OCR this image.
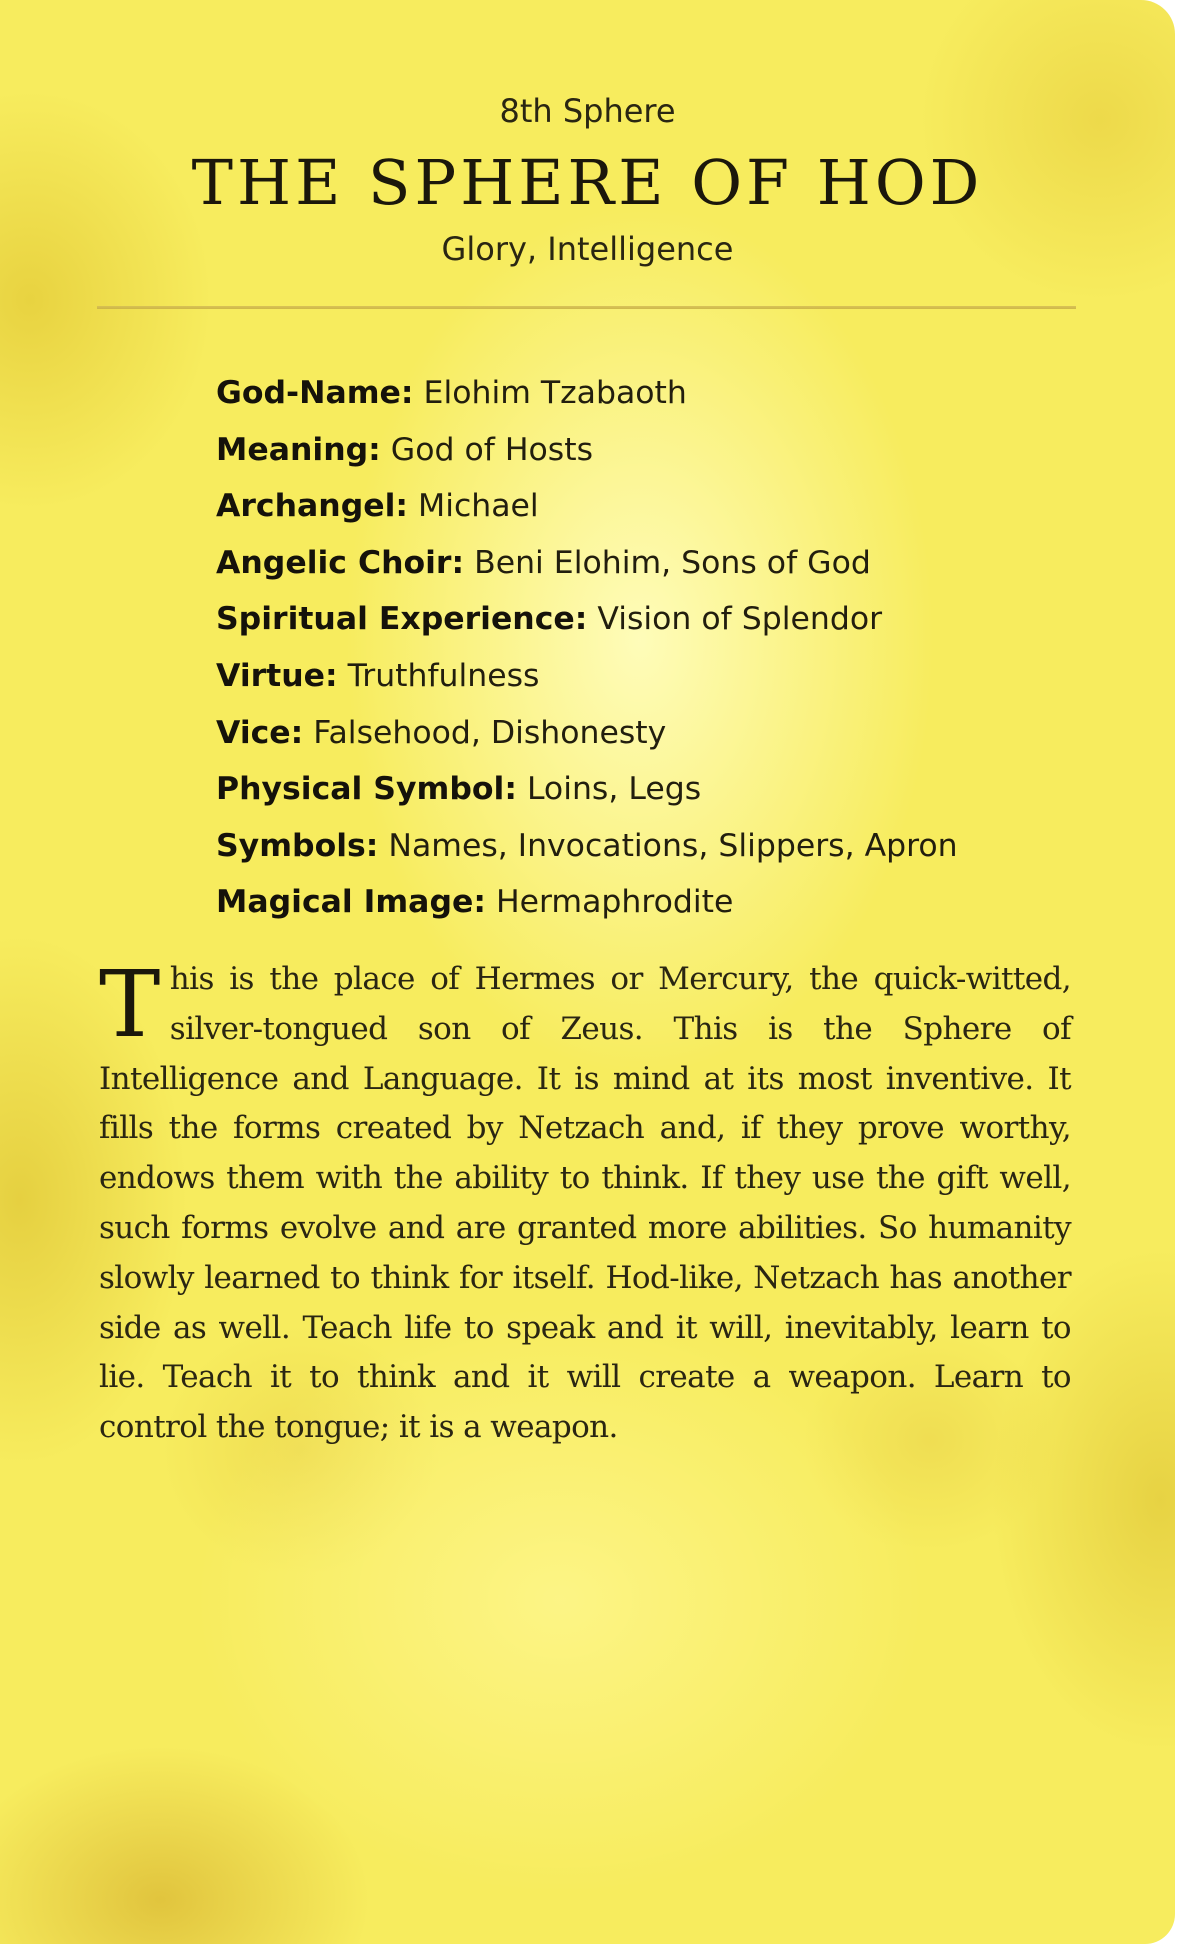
8th Sphere
THE SPHERE OF HOD
Glory, Intelligence
God-Name: Elohim Tzabaoth
Meaning: God of Hosts
Archangel: Michael
Angelic Choir: Beni Elohim, Sons of God
Spiritual Experience: Vision of Splendor
Virtue: Truthfulness
Vice: Falsehood, Dishonesty
Physical Symbol: Loins, Legs
Symbols: Names, Invocations, Slippers, Apron
Magical Image: Hermaphrodite

This is the place of Hermes or Mercury, the quick-witted, silver-tongued son of Zeus. This is the Sphere of Intelligence and Language. It is mind at its most inventive. It fills the forms created by Netzach and, if they prove worthy, endows them with the ability to think. If they use the gift well, such forms evolve and are granted more abilities. So humanity slowly learned to think for itself. Hod-like, Netzach has another side as well. Teach life to speak and it will, inevitably, learn to lie. Teach it to think and it will create a weapon. Learn to control the tongue; it is a weapon.
